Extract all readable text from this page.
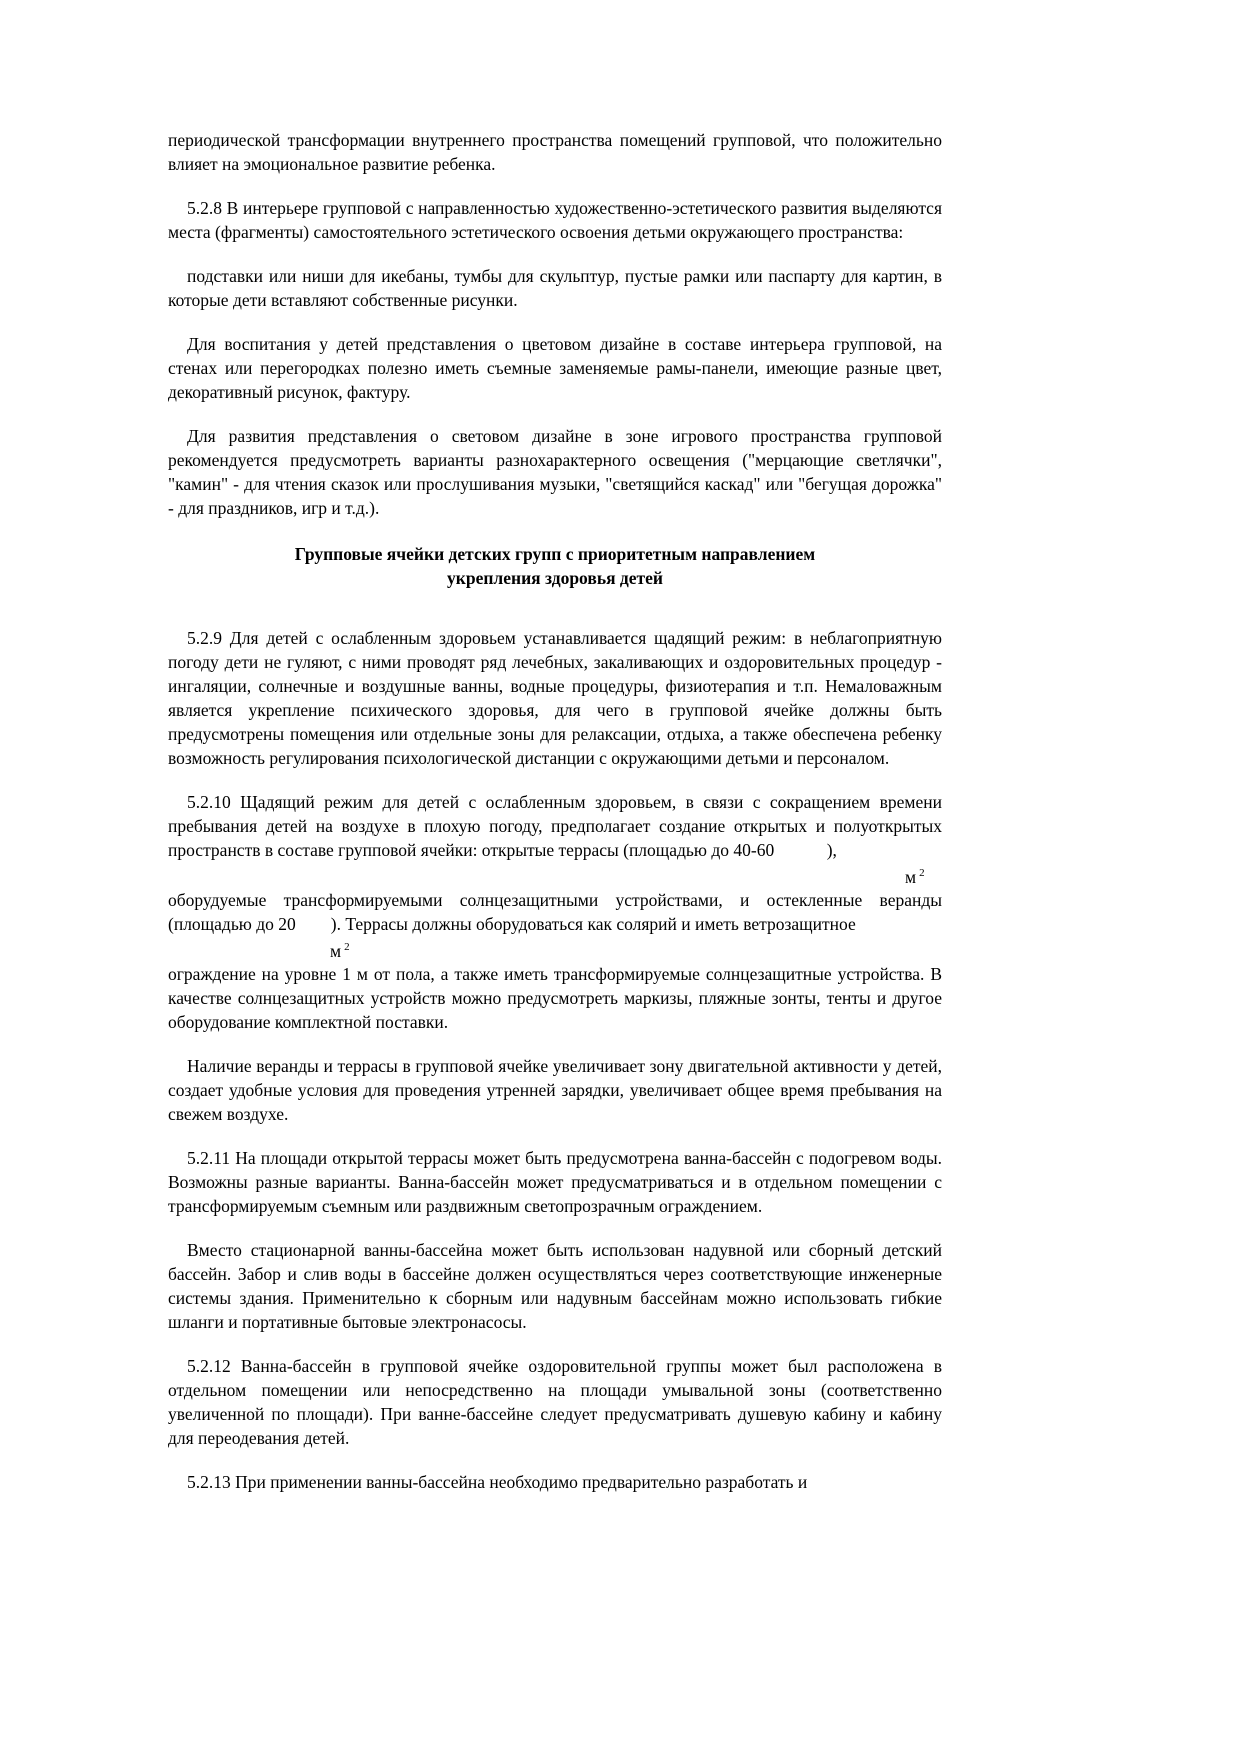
периодической трансформации внутреннего пространства помещений групповой, что положительно влияет на эмоциональное развитие ребенка.

5.2.8 В интерьере групповой с направленностью художественно-эстетического развития выделяются места (фрагменты) самостоятельного эстетического освоения детьми окружающего пространства:

подставки или ниши для икебаны, тумбы для скульптур, пустые рамки или паспарту для картин, в которые дети вставляют собственные рисунки.

Для воспитания у детей представления о цветовом дизайне в составе интерьера групповой, на стенах или перегородках полезно иметь съемные заменяемые рамы-панели, имеющие разные цвет, декоративный рисунок, фактуру.

Для развития представления о световом дизайне в зоне игрового пространства групповой рекомендуется предусмотреть варианты разнохарактерного освещения ("мерцающие светлячки", "камин" - для чтения сказок или прослушивания музыки, "светящийся каскад" или "бегущая дорожка" - для праздников, игр и т.д.).

Групповые ячейки детских групп с приоритетным направлением
укрепления здоровья детей

5.2.9 Для детей с ослабленным здоровьем устанавливается щадящий режим: в неблагоприятную погоду дети не гуляют, с ними проводят ряд лечебных, закаливающих и оздоровительных процедур - ингаляции, солнечные и воздушные ванны, водные процедуры, физиотерапия и т.п. Немаловажным является укрепление психического здоровья, для чего в групповой ячейке должны быть предусмотрены помещения или отдельные зоны для релаксации, отдыха, а также обеспечена ребенку возможность регулирования психологической дистанции с окружающими детьми и персоналом.

5.2.10 Щадящий режим для детей с ослабленным здоровьем, в связи с сокращением времени пребывания детей на воздухе в плохую погоду, предполагает создание открытых и полуоткрытых пространств в составе групповой ячейки: открытые террасы (площадью до 40-60            ),

м $^2$

оборудуемые трансформируемыми солнцезащитными устройствами, и остекленные веранды (площадью до 20        ). Террасы должны оборудоваться как солярий и иметь ветрозащитное

м $^2$

ограждение на уровне 1 м от пола, а также иметь трансформируемые солнцезащитные устройства. В качестве солнцезащитных устройств можно предусмотреть маркизы, пляжные зонты, тенты и другое оборудование комплектной поставки.

Наличие веранды и террасы в групповой ячейке увеличивает зону двигательной активности у детей, создает удобные условия для проведения утренней зарядки, увеличивает общее время пребывания на свежем воздухе.

5.2.11 На площади открытой террасы может быть предусмотрена ванна-бассейн с подогревом воды. Возможны разные варианты. Ванна-бассейн может предусматриваться и в отдельном помещении с трансформируемым съемным или раздвижным светопрозрачным ограждением.

Вместо стационарной ванны-бассейна может быть использован надувной или сборный детский бассейн. Забор и слив воды в бассейне должен осуществляться через соответствующие инженерные системы здания. Применительно к сборным или надувным бассейнам можно использовать гибкие шланги и портативные бытовые электронасосы.

5.2.12 Ванна-бассейн в групповой ячейке оздоровительной группы может был расположена в отдельном помещении или непосредственно на площади умывальной зоны (соответственно увеличенной по площади). При ванне-бассейне следует предусматривать душевую кабину и кабину для переодевания детей.

5.2.13 При применении ванны-бассейна необходимо предварительно разработать и
